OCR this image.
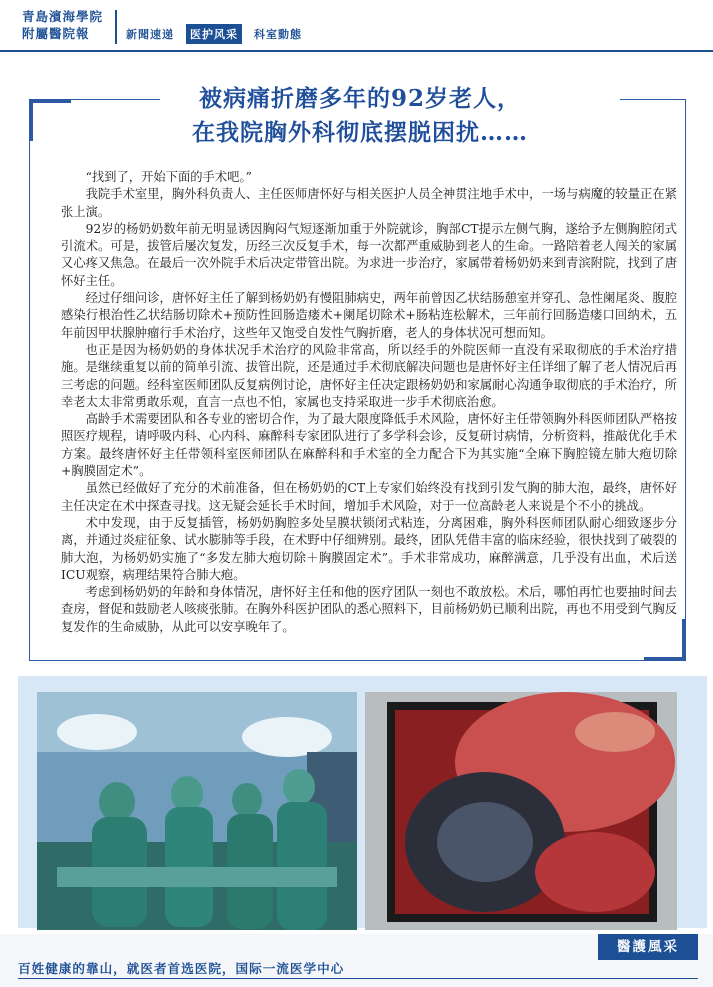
青島濱海學院
附屬醫院報	新聞速递	医护风采	科室動態
被病痛折磨多年的92岁老人，
在我院胸外科彻底摆脱困扰……

“找到了，开始下面的手术吧。”

我院手术室里，胸外科负责人、主任医师唐怀好与相关医护人员全神贯注地手术中，一场与病魔的较量正在紧张上演。

92岁的杨奶奶数年前无明显诱因胸闷气短逐渐加重于外院就诊，胸部CT提示左侧气胸，遂给予左侧胸腔闭式引流术。可是，拔管后屡次复发，历经三次反复手术，每一次都严重威胁到老人的生命。一路陪着老人闯关的家属又心疼又焦急。在最后一次外院手术后决定带管出院。为求进一步治疗，家属带着杨奶奶来到青滨附院，找到了唐怀好主任。

经过仔细问诊，唐怀好主任了解到杨奶奶有慢阻肺病史，两年前曾因乙状结肠憩室并穿孔、急性阑尾炎、腹腔感染行根治性乙状结肠切除术+预防性回肠造瘘术+阑尾切除术+肠粘连松解术，三年前行回肠造瘘口回纳术，五年前因甲状腺肿瘤行手术治疗，这些年又饱受自发性气胸折磨，老人的身体状况可想而知。

也正是因为杨奶奶的身体状况手术治疗的风险非常高，所以经手的外院医师一直没有采取彻底的手术治疗措施。是继续重复以前的简单引流、拔管出院，还是通过手术彻底解决问题也是唐怀好主任详细了解了老人情况后再三考虑的问题。经科室医师团队反复病例讨论，唐怀好主任决定跟杨奶奶和家属耐心沟通争取彻底的手术治疗，所幸老太太非常勇敢乐观，直言一点也不怕，家属也支持采取进一步手术彻底治愈。

高龄手术需要团队和各专业的密切合作，为了最大限度降低手术风险，唐怀好主任带领胸外科医师团队严格按照医疗规程，请呼吸内科、心内科、麻醉科专家团队进行了多学科会诊，反复研讨病情，分析资料，推敲优化手术方案。最终唐怀好主任带领科室医师团队在麻醉科和手术室的全力配合下为其实施“全麻下胸腔镜左肺大疱切除+胸膜固定术”。

虽然已经做好了充分的术前准备，但在杨奶奶的CT上专家们始终没有找到引发气胸的肺大泡，最终，唐怀好主任决定在术中探查寻找。这无疑会延长手术时间，增加手术风险，对于一位高龄老人来说是个不小的挑战。

术中发现，由于反复插管，杨奶奶胸腔多处呈膜状锁闭式粘连，分离困难，胸外科医师团队耐心细致逐步分离，并通过炎症征象、试水膨肺等手段，在术野中仔细辨别。最终，团队凭借丰富的临床经验，很快找到了破裂的肺大泡，为杨奶奶实施了“多发左肺大疱切除＋胸膜固定术”。手术非常成功，麻醉满意，几乎没有出血，术后送ICU观察，病理结果符合肺大疱。

考虑到杨奶奶的年龄和身体情况，唐怀好主任和他的医疗团队一刻也不敢放松。术后，哪怕再忙也要抽时间去查房，督促和鼓励老人咳痰张肺。在胸外科医护团队的悉心照料下，目前杨奶奶已顺利出院，再也不用受到气胸反复发作的生命威胁，从此可以安享晚年了。

醫護風采
百姓健康的靠山，就医者首选医院，国际一流医学中心
